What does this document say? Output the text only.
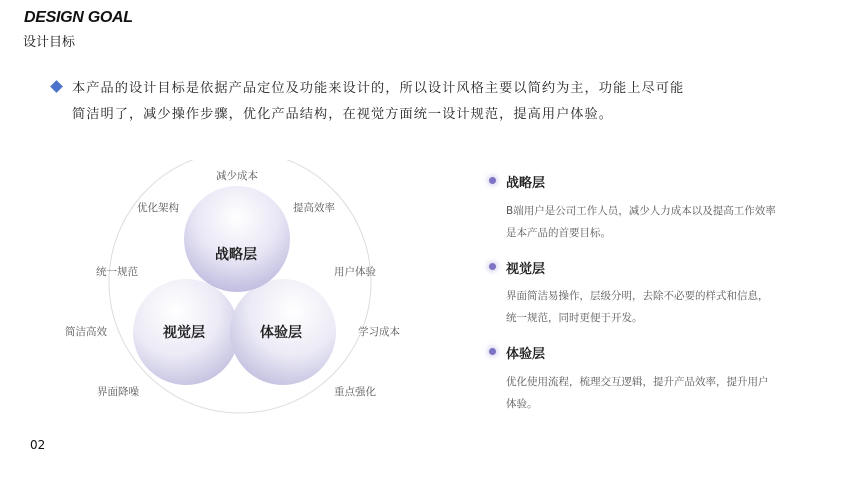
DESIGN GOAL
设计目标
本产品的设计目标是依据产品定位及功能来设计的，所以设计风格主要以简约为主，功能上尽可能
简洁明了，减少操作步骤，优化产品结构，在视觉方面统一设计规范，提高用户体验。
战略层
视觉层	体验层
减少成本
提高效率
用户体验
学习成本
重点强化
界面降噪
简洁高效
统一规范
优化架构
战略层
B端用户是公司工作人员，减少人力成本以及提高工作效率是本产品的首要目标。
视觉层
界面简洁易操作，层级分明，去除不必要的样式和信息，统一规范，同时更便于开发。
体验层
优化使用流程，梳理交互逻辑，提升产品效率，提升用户体验。
02
